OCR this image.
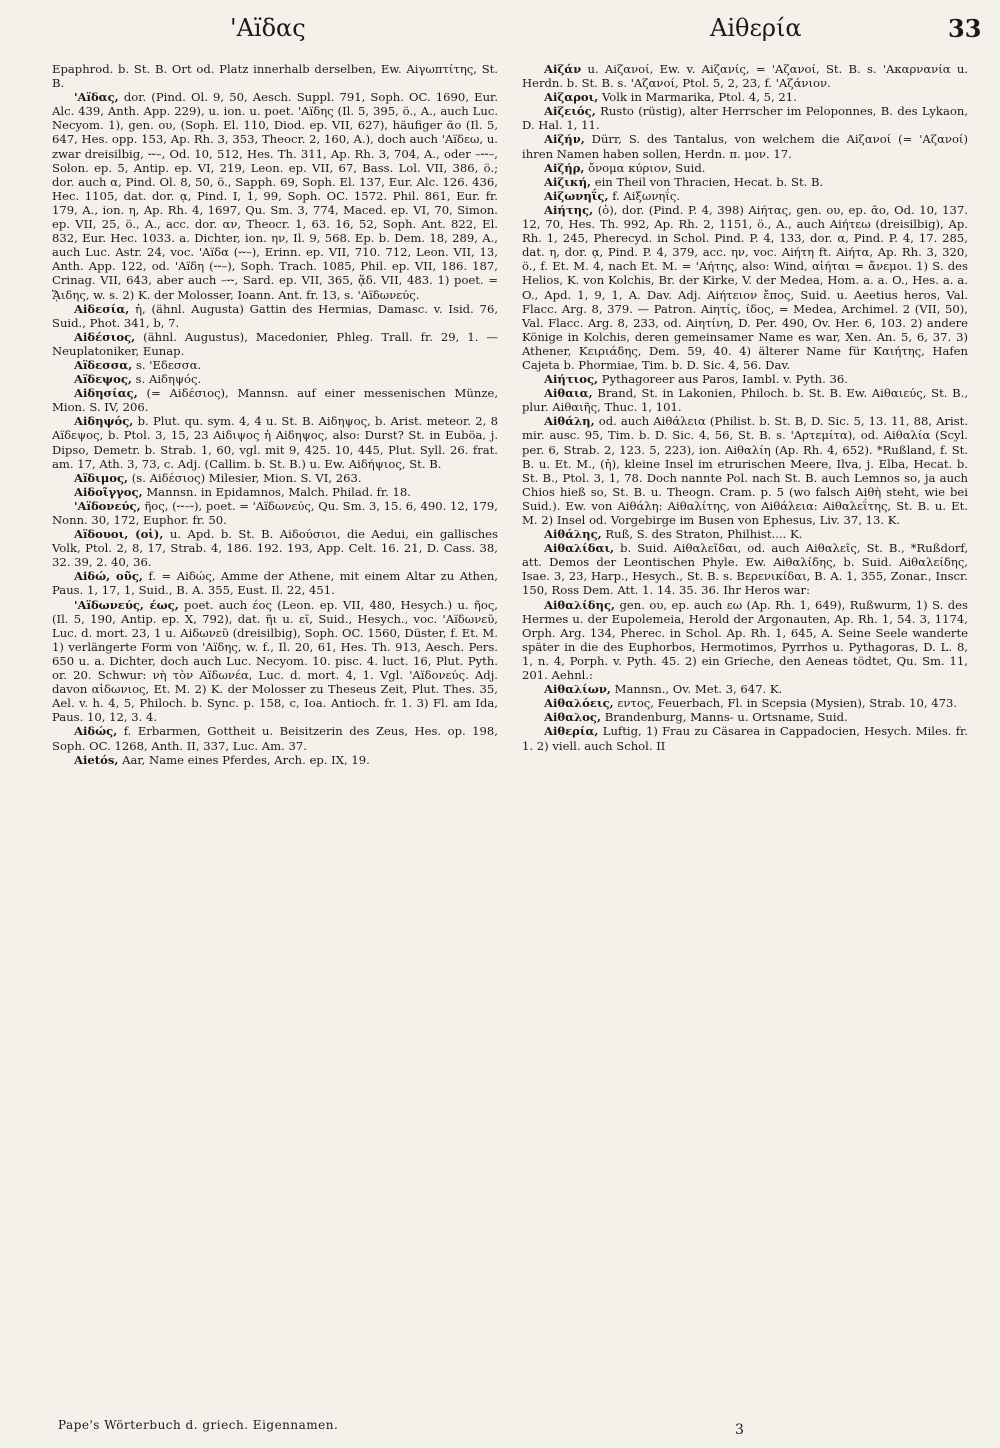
'Aïδας	Aiθερία	33

Epaphrod. b. St. B. Ort od. Platz innerhalb derselben, Ew. Aiγωπτίτης, St. B.

'Aïδας, dor. (Pind. Ol. 9, 50, Aesch. Suppl. 791, Soph. OC. 1690, Eur. Alc. 439, Anth. App. 229), u. ion. u. poet. 'Aïδης (Il. 5, 395, ö., A., auch Luc. Necyom. 1), gen. ου, (Soph. El. 110, Diod. ep. VII, 627), häufiger ᾶο (Il. 5, 647, Hes. opp. 153, Ap. Rh. 3, 353, Theocr. 2, 160, A.), doch auch 'Aïδεω, u. zwar dreisilbig, ⏑⏑–, Od. 10, 512, Hes. Th. 311, Ap. Rh. 3, 704, A., oder –⏑⏑–, Solon. ep. 5, Antip. ep. VI, 219, Leon. ep. VII, 67, Bass. Lol. VII, 386, ö.; dor. auch α, Pind. Ol. 8, 50, ö., Sapph. 69, Soph. El. 137, Eur. Alc. 126. 436, Hec. 1105, dat. dor. ᾳ, Pind. I, 1, 99, Soph. OC. 1572. Phil. 861, Eur. fr. 179, A., ion. η, Ap. Rh. 4, 1697, Qu. Sm. 3, 774, Maced. ep. VI, 70, Simon. ep. VII, 25, ö., A., acc. dor. αν, Theocr. 1, 63. 16, 52, Soph. Ant. 822, El. 832, Eur. Hec. 1033. a. Dichter, ion. ην, Il. 9, 568. Ep. b. Dem. 18, 289, A., auch Luc. Astr. 24, voc. 'Aïδα (⏑⏑–), Erinn. ep. VII, 710. 712, Leon. VII, 13, Anth. App. 122, od. 'Aïδη (⏑⏑–), Soph. Trach. 1085, Phil. ep. VII, 186. 187, Crinag. VII, 643, aber auch –⏑⏑, Sard. ep. VII, 365, ᾅδ. VII, 483. 1) poet. = ᾍιδης, w. s. 2) K. der Molosser, Ioann. Ant. fr. 13, s. 'Aïδωνεύς.

Aiδεσία, ἡ, (ähnl. Augusta) Gattin des Hermias, Damasc. v. Isid. 76, Suid., Phot. 341, b, 7.

Aiδέσιος, (ähnl. Augustus), Macedonier, Phleg. Trall. fr. 29, 1. — Neuplatoniker, Eunap.

Aïδεσσα, s. 'Eδεσσα.

Aïδεψος, s. Aiδηψός.

Aiδησίας, (= Aiδέσιος), Mannsn. auf einer messenischen Münze, Mion. S. IV, 206.

Aiδηψός, b. Plut. qu. sym. 4, 4 u. St. B. Aiδηψος, b. Arist. meteor. 2, 8 Aïδεψος, b. Ptol. 3, 15, 23 Aiδιψος ἡ Aiδηψος, also: Durst? St. in Euböa, j. Dipso, Demetr. b. Strab. 1, 60, vgl. mit 9, 425. 10, 445, Plut. Syll. 26. frat. am. 17, Ath. 3, 73, c. Adj. (Callim. b. St. B.) u. Ew. Aiδήψιος, St. B.

Aïδιμος, (s. Aiδέσιος) Milesier, Mion. S. VI, 263.

Aiδοῖγγος, Mannsn. in Epidamnos, Malch. Philad. fr. 18.

'Aïδονεύς, ῆος, (⏑⏑–⏑), poet. = 'Aïδωνεύς, Qu. Sm. 3, 15. 6, 490. 12, 179, Nonn. 30, 172, Euphor. fr. 50.

Aïδουοι, (οἱ), u. Apd. b. St. B. Aiδούσιοι, die Aedui, ein gallisches Volk, Ptol. 2, 8, 17, Strab. 4, 186. 192. 193, App. Celt. 16. 21, D. Cass. 38, 32. 39, 2. 40, 36.

Aiδώ, οῦς, f. = Aiδώς, Amme der Athene, mit einem Altar zu Athen, Paus. 1, 17, 1, Suid., B. A. 355, Eust. Il. 22, 451.

'Aïδωνεύς, έως, poet. auch έος (Leon. ep. VII, 480, Hesych.) u. ῆος, (Il. 5, 190, Antip. ep. X, 792), dat. ῆι u. εῖ, Suid., Hesych., voc. 'Aïδωνεῦ, Luc. d. mort. 23, 1 u. Aiδωνεῦ (dreisilbig), Soph. OC. 1560, Düster, f. Et. M. 1) verlängerte Form von 'Aïδης, w. f., Il. 20, 61, Hes. Th. 913, Aesch. Pers. 650 u. a. Dichter, doch auch Luc. Necyom. 10. pisc. 4. luct. 16, Plut. Pyth. or. 20. Schwur: νὴ τὸν Aïδωνέα, Luc. d. mort. 4, 1. Vgl. 'Aïδονεύς. Adj. davon αἰδωνιος, Et. M. 2) K. der Molosser zu Theseus Zeit, Plut. Thes. 35, Ael. v. h. 4, 5, Philoch. b. Sync. p. 158, c, Ioa. Antioch. fr. 1. 3) Fl. am Ida, Paus. 10, 12, 3. 4.

Aiδώς, f. Erbarmen, Gottheit u. Beisitzerin des Zeus, Hes. op. 198, Soph. OC. 1268, Anth. II, 337, Luc. Am. 37.

Aietós, Aar, Name eines Pferdes, Arch. ep. IX, 19.

Aiζάν u. Aiζανοί, Ew. v. Aiζανίς, = 'Aζανοί, St. B. s. 'Aκαρνανία u. Herdn. b. St. B. s. 'Aζανοί, Ptol. 5, 2, 23, f. 'Aζάνιον.

Aiζαροι, Volk in Marmarika, Ptol. 4, 5, 21.

Aiζειός, Rusto (rüstig), alter Herrscher im Peloponnes, B. des Lykaon, D. Hal. 1, 11.

Aiζήν, Dürr, S. des Tantalus, von welchem die Aiζανοί (= 'Aζανοί) ihren Namen haben sollen, Herdn. π. μον. 17.

Aiζήρ, ὄνομα κύριον, Suid.

Aiζική, ein Theil von Thracien, Hecat. b. St. B.

Aiζωνηΐς, f. Aiξωνηΐς.

Aiήτης, (ὁ), dor. (Pind. P. 4, 398) Aiήτας, gen. ου, ep. ᾶο, Od. 10, 137. 12, 70, Hes. Th. 992, Ap. Rh. 2, 1151, ö., A., auch Aiήτεω (dreisilbig), Ap. Rh. 1, 245, Pherecyd. in Schol. Pind. P. 4, 133, dor. α, Pind. P. 4, 17. 285, dat. η, dor. ᾳ, Pind. P. 4, 379, acc. ην, voc. Aiήτη ft. Aiήτα, Ap. Rh. 3, 320, ö., f. Et. M. 4, nach Et. M. = 'Aήτης, also: Wind, αἰήται = ἄνεμοι. 1) S. des Helios, K. von Kolchis, Br. der Kirke, V. der Medea, Hom. a. a. O., Hes. a. a. O., Apd. 1, 9, 1, A. Dav. Adj. Aiήτειον ἔπος, Suid. u. Aeetius heros, Val. Flacc. Arg. 8, 379. — Patron. Aiητίς, ίδος, = Medea, Archimel. 2 (VII, 50), Val. Flacc. Arg. 8, 233, od. Aiητίνη, D. Per. 490, Ov. Her. 6, 103. 2) andere Könige in Kolchis, deren gemeinsamer Name es war, Xen. An. 5, 6, 37. 3) Athener, Κειριάδης, Dem. 59, 40. 4) älterer Name für Καιήτης, Hafen Cajeta b. Phormiae, Tim. b. D. Sic. 4, 56. Dav.

Aiήτιος, Pythagoreer aus Paros, Iambl. v. Pyth. 36.

Aiθαια, Brand, St. in Lakonien, Philoch. b. St. B. Ew. Aiθαιεύς, St. B., plur. Aiθαιῆς, Thuc. 1, 101.

Aiθάλη, od. auch Aiθάλεια (Philist. b. St. B, D. Sic. 5, 13. 11, 88, Arist. mir. ausc. 95, Tim. b. D. Sic. 4, 56, St. B. s. 'Aρτεμίτα), od. Aiθαλία (Scyl. per. 6, Strab. 2, 123. 5, 223), ion. Aiθαλίη (Ap. Rh. 4, 652). *Rußland, f. St. B. u. Et. M., (ἡ), kleine Insel im etrurischen Meere, Ilva, j. Elba, Hecat. b. St. B., Ptol. 3, 1, 78. Doch nannte Pol. nach St. B. auch Lemnos so, ja auch Chios hieß so, St. B. u. Theogn. Cram. p. 5 (wo falsch Aiθὴ steht, wie bei Suid.). Ew. von Aiθάλη: Aiθαλίτης, von Aiθάλεια: Aiθαλεΐτης, St. B. u. Et. M. 2) Insel od. Vorgebirge im Busen von Ephesus, Liv. 37, 13. K.

Aiθάλης, Ruß, S. des Straton, Philhist.... K.

Aiθαλίδαι, b. Suid. Aiθαλεῖδαι, od. auch Aiθαλεῖς, St. B., *Rußdorf, att. Demos der Leontischen Phyle. Ew. Aiθαλίδης, b. Suid. Aiθαλείδης, Isae. 3, 23, Harp., Hesych., St. B. s. Bερενικίδαι, B. A. 1, 355, Zonar., Inscr. 150, Ross Dem. Att. 1. 14. 35. 36. Ihr Heros war:

Aiθαλίδης, gen. ου, ep. auch εω (Ap. Rh. 1, 649), Rußwurm, 1) S. des Hermes u. der Eupolemeia, Herold der Argonauten, Ap. Rh. 1, 54. 3, 1174, Orph. Arg. 134, Pherec. in Schol. Ap. Rh. 1, 645, A. Seine Seele wanderte später in die des Euphorbos, Hermotimos, Pyrrhos u. Pythagoras, D. L. 8, 1, n. 4, Porph. v. Pyth. 45. 2) ein Grieche, den Aeneas tödtet, Qu. Sm. 11, 201. Aehnl.:

Aiθαλίων, Mannsn., Ov. Met. 3, 647. K.

Aiθαλόεις, εντος, Feuerbach, Fl. in Scepsia (Mysien), Strab. 10, 473.

Aiθαλος, Brandenburg, Manns- u. Ortsname, Suid.

Aiθερία, Luftig, 1) Frau zu Cäsarea in Cappadocien, Hesych. Miles. fr. 1. 2) viell. auch Schol. II

Pape's Wörterbuch d. griech. Eigennamen.	3
